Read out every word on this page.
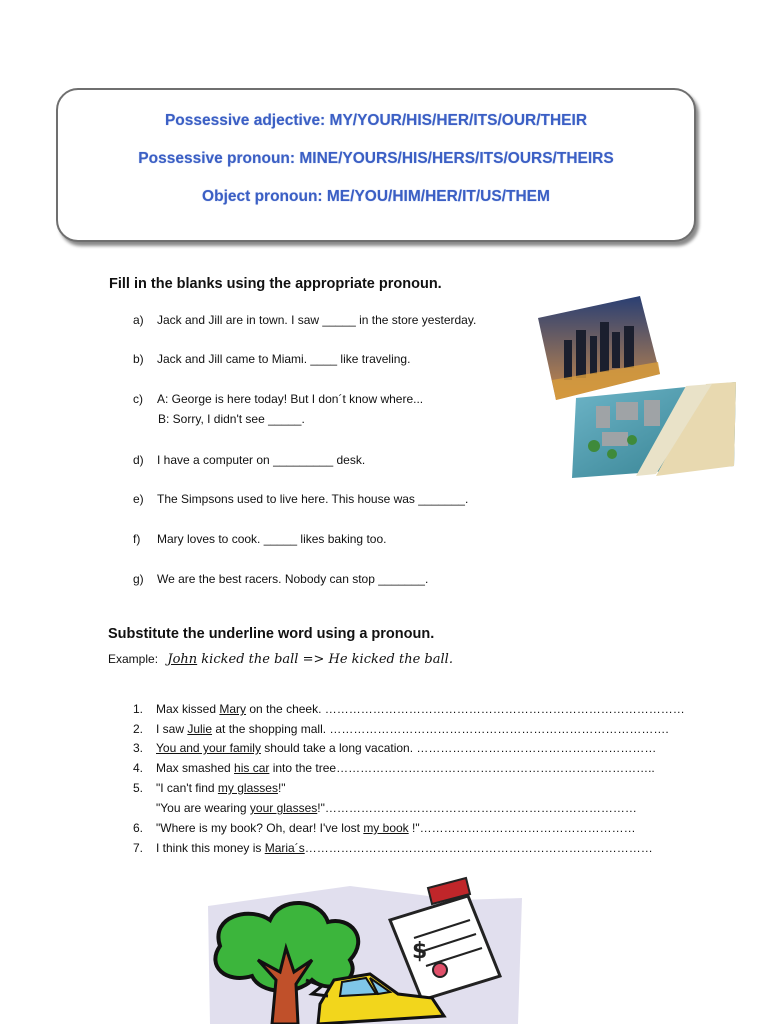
Possessive adjective: MY/YOUR/HIS/HER/ITS/OUR/THEIR
Possessive pronoun: MINE/YOURS/HIS/HERS/ITS/OURS/THEIRS
Object pronoun: ME/YOU/HIM/HER/IT/US/THEM
Fill in the blanks using the appropriate pronoun.
a) Jack and Jill are in town. I saw _____ in the store yesterday.
b) Jack and Jill came to Miami. ____ like traveling.
c) A: George is here today! But I don´t know where...
B: Sorry, I didn't see _____.
d) I have a computer on _________ desk.
e) The Simpsons used to live here. This house was _______.
f) Mary loves to cook. _____ likes baking too.
g) We are the best racers. Nobody can stop _______.
Substitute the underline word using a pronoun.
Example: John kicked the ball => He kicked the ball.
1. Max kissed Mary on the cheek. ………………………………………………………………………………
2. I saw Julie at the shopping mall. ………………………………………………………………………….
3. You and your family should take a long vacation. ……………………………………………………
4. Max smashed his car into the tree……………………………………………………………………..
5. "I can't find my glasses!"
"You are wearing your glasses!"……………………………………………………………………
6. "Where is my book? Oh, dear! I've lost my book !"………………………………………………
7. I think this money is Maria´s……………………………………………………………………………
$
